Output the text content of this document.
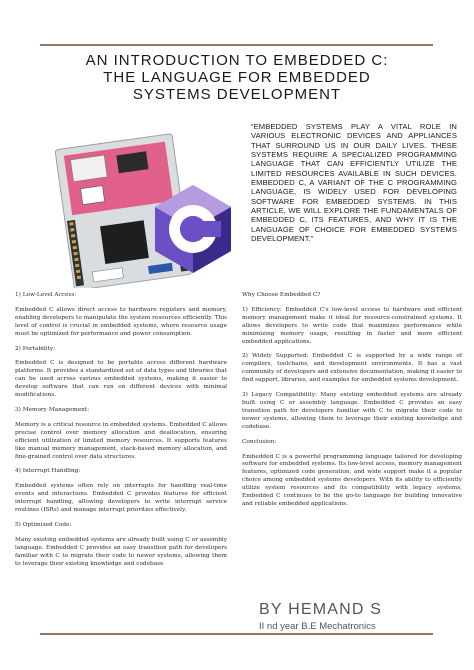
AN INTRODUCTION TO EMBEDDED C:
THE LANGUAGE FOR EMBEDDED
SYSTEMS DEVELOPMENT
“EMBEDDED SYSTEMS PLAY A VITAL ROLE IN VARIOUS ELECTRONIC DEVICES AND APPLIANCES THAT SURROUND US IN OUR DAILY LIVES. THESE SYSTEMS REQUIRE A SPECIALIZED PROGRAMMING LANGUAGE THAT CAN EFFICIENTLY UTILIZE THE LIMITED RESOURCES AVAILABLE IN SUCH DEVICES. EMBEDDED C, A VARIANT OF THE C PROGRAMMING LANGUAGE, IS WIDELY USED FOR DEVELOPING SOFTWARE FOR EMBEDDED SYSTEMS. IN THIS ARTICLE, WE WILL EXPLORE THE FUNDAMENTALS OF EMBEDDED C, ITS FEATURES, AND WHY IT IS THE LANGUAGE OF CHOICE FOR EMBEDDED SYSTEMS DEVELOPMENT.”

1) Low-Level Access:

Embedded C allows direct access to hardware registers and memory, enabling developers to manipulate the system resources efficiently. This level of control is crucial in embedded systems, where resource usage must be optimized for performance and power consumption.

2) Portability:

Embedded C is designed to be portable across different hardware platforms. It provides a standardized set of data types and libraries that can be used across various embedded systems, making it easier to develop software that can run on different devices with minimal modifications.

3) Memory Management:

Memory is a critical resource in embedded systems. Embedded C allows precise control over memory allocation and deallocation, ensuring efficient utilization of limited memory resources. It supports features like manual memory management, stack-based memory allocation, and fine-grained control over data structures.

4) Interrupt Handling:

Embedded systems often rely on interrupts for handling real-time events and interactions. Embedded C provides features for efficient interrupt handling, allowing developers to write interrupt service routines (ISRs) and manage interrupt priorities effectively.

5) Optimized Code:

Many existing embedded systems are already built using C or assembly language. Embedded C provides an easy transition path for developers familiar with C to migrate their code to newer systems, allowing them to leverage their existing knowledge and codebase

Why Choose Embedded C?

1) Efficiency: Embedded C's low-level access to hardware and efficient memory management make it ideal for resource-constrained systems. It allows developers to write code that maximizes performance while minimizing memory usage, resulting in faster and more efficient embedded applications.

2) Widely Supported: Embedded C is supported by a wide range of compilers, toolchains, and development environments. It has a vast community of developers and extensive documentation, making it easier to find support, libraries, and examples for embedded systems development.

3) Legacy Compatibility: Many existing embedded systems are already built using C or assembly language. Embedded C provides an easy transition path for developers familiar with C to migrate their code to newer systems, allowing them to leverage their existing knowledge and codebase.

Conclusion:

Embedded C is a powerful programming language tailored for developing software for embedded systems. Its low-level access, memory management features, optimized code generation, and wide support make it a popular choice among embedded systems developers. With its ability to efficiently utilize system resources and its compatibility with legacy systems, Embedded C continues to be the go-to language for building innovative and reliable embedded applications.

BY HEMAND S
II nd year B.E Mechatronics
